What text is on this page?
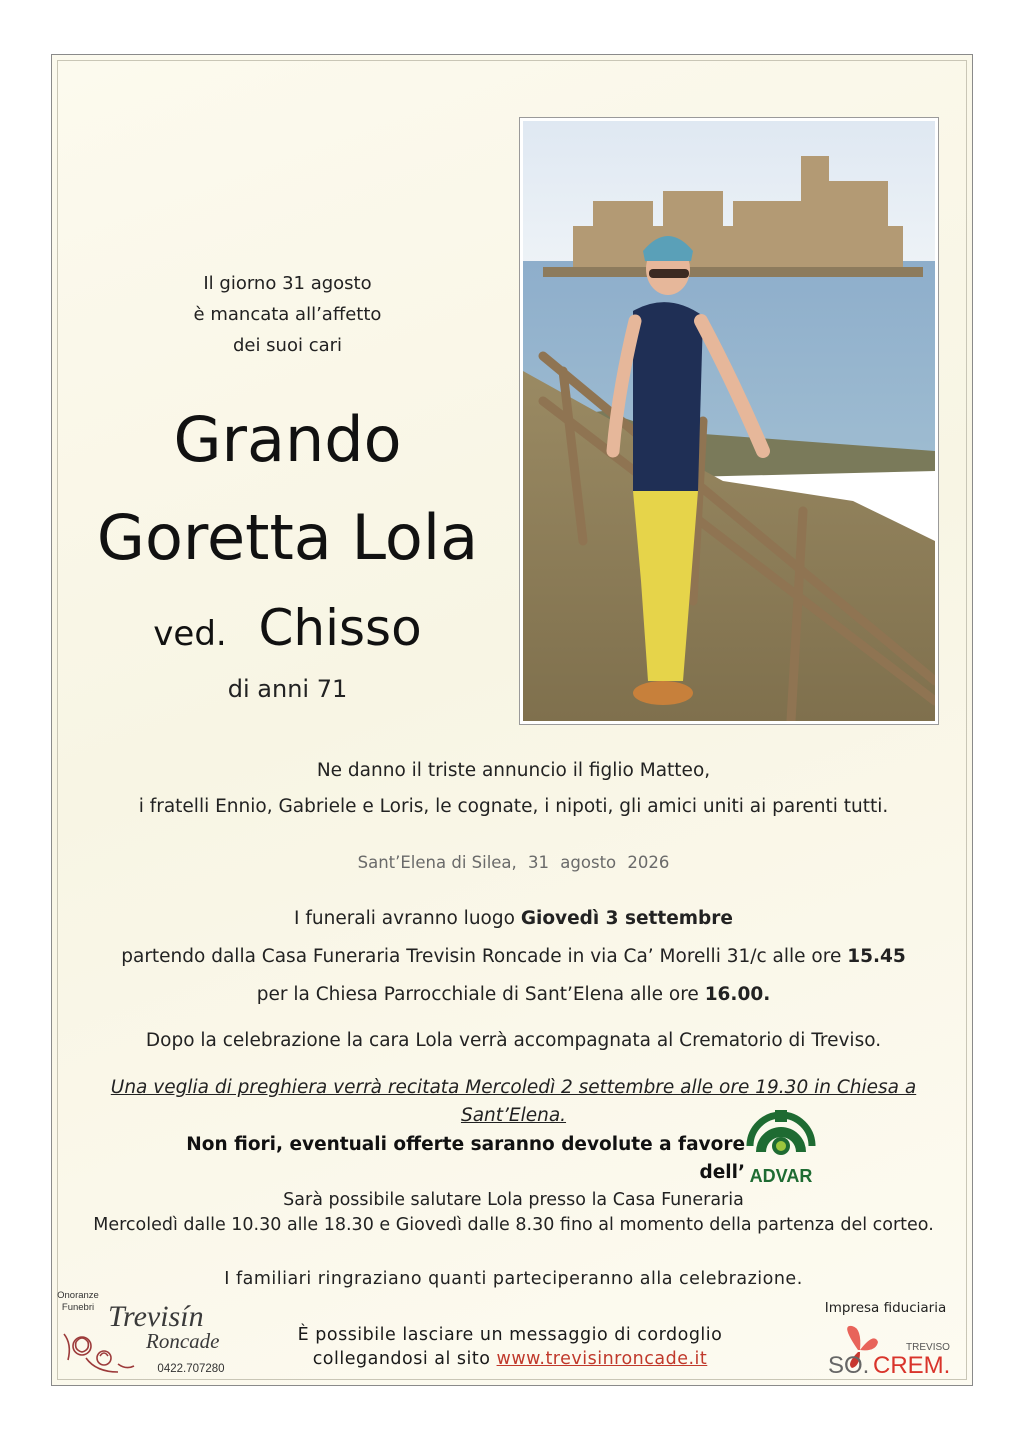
Il giorno 31 agosto
è mancata all’affetto
dei suoi cari
Grando
Goretta Lola
ved. Chisso
di anni 71
Ne danno il triste annuncio il figlio Matteo,
i fratelli Ennio, Gabriele e Loris, le cognate, i nipoti, gli amici uniti ai parenti tutti.
Sant’Elena di Silea, 31 agosto 2026
I funerali avranno luogo Giovedì 3 settembre
partendo dalla Casa Funeraria Trevisin Roncade in via Ca’ Morelli 31/c alle ore 15.45
per la Chiesa Parrocchiale di Sant’Elena alle ore 16.00.
Dopo la celebrazione la cara Lola verrà accompagnata al Crematorio di Treviso.
Una veglia di preghiera verrà recitata Mercoledì 2 settembre alle ore 19.30 in Chiesa a Sant’Elena.
Non fiori, eventuali offerte saranno devolute a favore dell’ ADVAR
Sarà possibile salutare Lola presso la Casa Funeraria
Mercoledì dalle 10.30 alle 18.30 e Giovedì dalle 8.30 fino al momento della partenza del corteo.
I familiari ringraziano quanti parteciperanno alla celebrazione.
È possibile lasciare un messaggio di cordoglio
collegandosi al sito www.trevisinroncade.it
Onoranze
Funebri Trevisín
Roncade
0422.707280
Impresa fiduciaria
TREVISO
SO. CREM.
